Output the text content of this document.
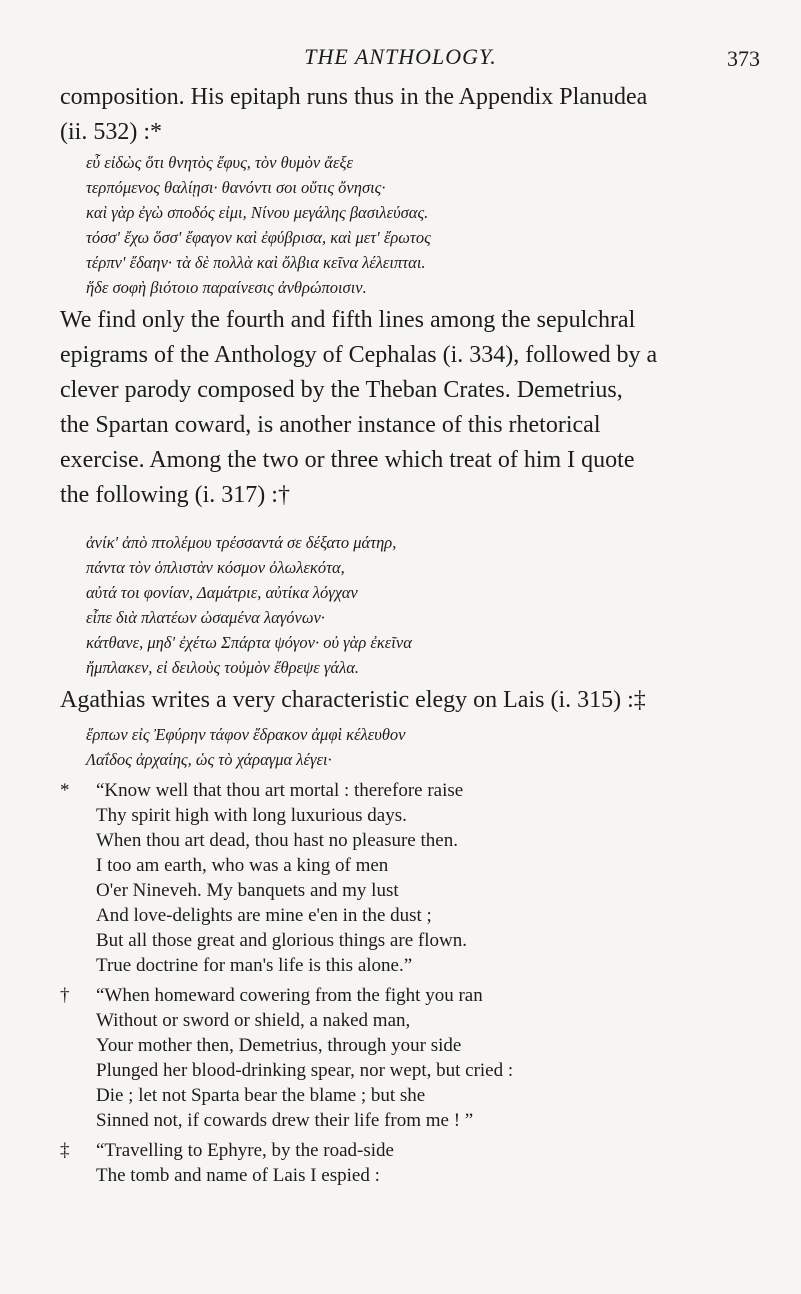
THE ANTHOLOGY.	373
composition. His epitaph runs thus in the Appendix Planudea
(ii. 532) :*
εὖ εἰδὼς ὅτι θνητὸς ἔφυς, τὸν θυμὸν ἄεξε
τερπόμενος θαλίῃσι· θανόντι σοι οὔτις ὄνησις·
καὶ γὰρ ἐγὼ σποδός εἰμι, Νίνου μεγάλης βασιλεύσας.
τόσσ' ἔχω ὅσσ' ἔφαγον καὶ ἐφύβρισα, καὶ μετ' ἔρωτος
τέρπν' ἔδαην· τὰ δὲ πολλὰ καὶ ὄλβια κεῖνα λέλειπται.
ἥδε σοφὴ βιότοιο παραίνεσις ἀνθρώποισιν.
We find only the fourth and fifth lines among the sepulchral
epigrams of the Anthology of Cephalas (i. 334), followed by a
clever parody composed by the Theban Crates. Demetrius,
the Spartan coward, is another instance of this rhetorical
exercise. Among the two or three which treat of him I quote
the following (i. 317) :†
ἀνίκ' ἀπὸ πτολέμου τρέσσαντά σε δέξατο μάτηρ,
πάντα τὸν ὁπλιστὰν κόσμον ὀλωλεκότα,
αὐτά τοι φονίαν, Δαμάτριε, αὐτίκα λόγχαν
εἶπε διὰ πλατέων ὠσαμένα λαγόνων·
κάτθανε, μηδ' ἐχέτω Σπάρτα ψόγον· οὐ γὰρ ἐκεῖνα
ἤμπλακεν, εἰ δειλοὺς τοὐμὸν ἔθρεψε γάλα.
Agathias writes a very characteristic elegy on Lais (i. 315) :‡
ἕρπων εἰς Ἐφύρην τάφον ἔδρακον ἀμφὶ κέλευθον
Λαΐδος ἀρχαίης, ὡς τὸ χάραγμα λέγει·
* “Know well that thou art mortal : therefore raise
Thy spirit high with long luxurious days.
When thou art dead, thou hast no pleasure then.
I too am earth, who was a king of men
O'er Nineveh. My banquets and my lust
And love-delights are mine e'en in the dust ;
But all those great and glorious things are flown.
True doctrine for man's life is this alone.”
† “When homeward cowering from the fight you ran
Without or sword or shield, a naked man,
Your mother then, Demetrius, through your side
Plunged her blood-drinking spear, nor wept, but cried :
Die ; let not Sparta bear the blame ; but she
Sinned not, if cowards drew their life from me ! ”
‡ “Travelling to Ephyre, by the road-side
The tomb and name of Lais I espied :
